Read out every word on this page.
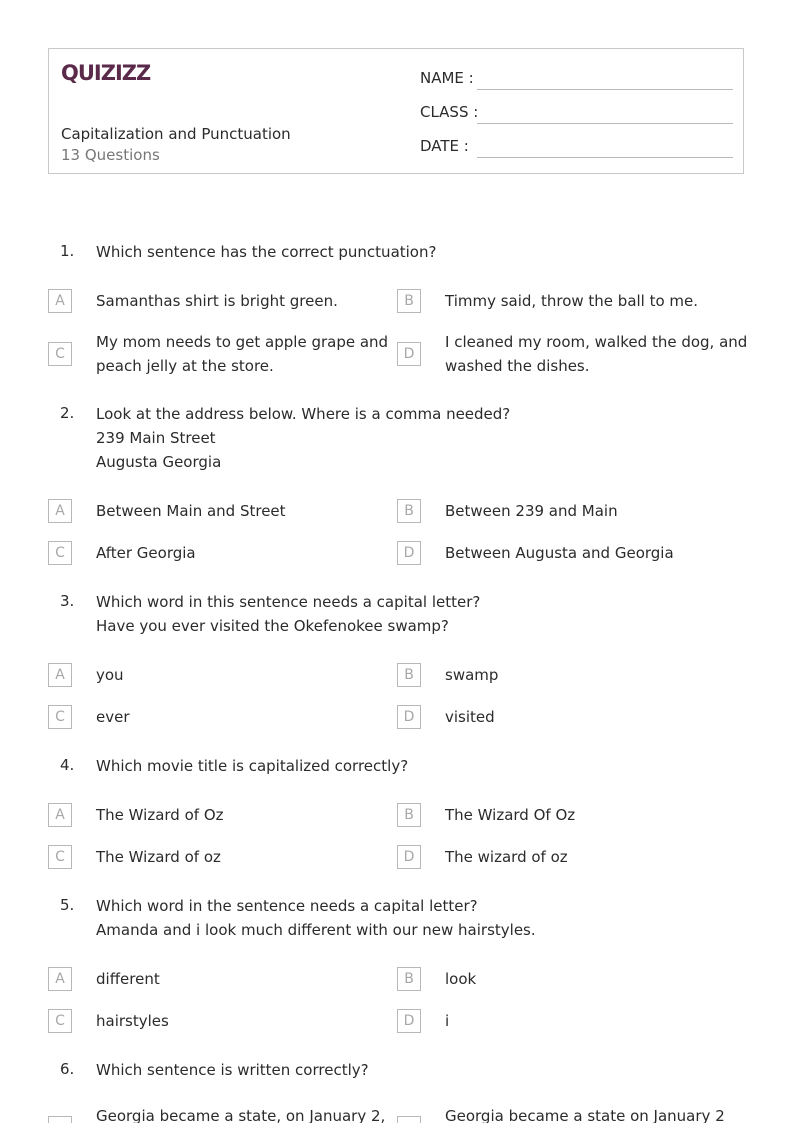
QUIZIZZ
Capitalization and Punctuation
13 Questions
NAME :
CLASS :
DATE :
1. Which sentence has the correct punctuation?
A	Samanthas shirt is bright green.	B	Timmy said, throw the ball to me.
C
My mom needs to get apple grape and
peach jelly at the store.
D
I cleaned my room, walked the dog, and
washed the dishes.
2. Look at the address below. Where is a comma needed?
239 Main Street
Augusta Georgia
A	Between Main and Street	B	Between 239 and Main
C	After Georgia	D	Between Augusta and Georgia
3. Which word in this sentence needs a capital letter?
Have you ever visited the Okefenokee swamp?
A	you	B	swamp
C	ever	D	visited
4. Which movie title is capitalized correctly?
A	The Wizard of Oz	B	The Wizard Of Oz
C	The Wizard of oz	D	The wizard of oz
5. Which word in the sentence needs a capital letter?
Amanda and i look much different with our new hairstyles.
A	different	B	look
C	hairstyles	D	i
6. Which sentence is written correctly?
Georgia became a state, on January 2,	Georgia became a state on January 2
